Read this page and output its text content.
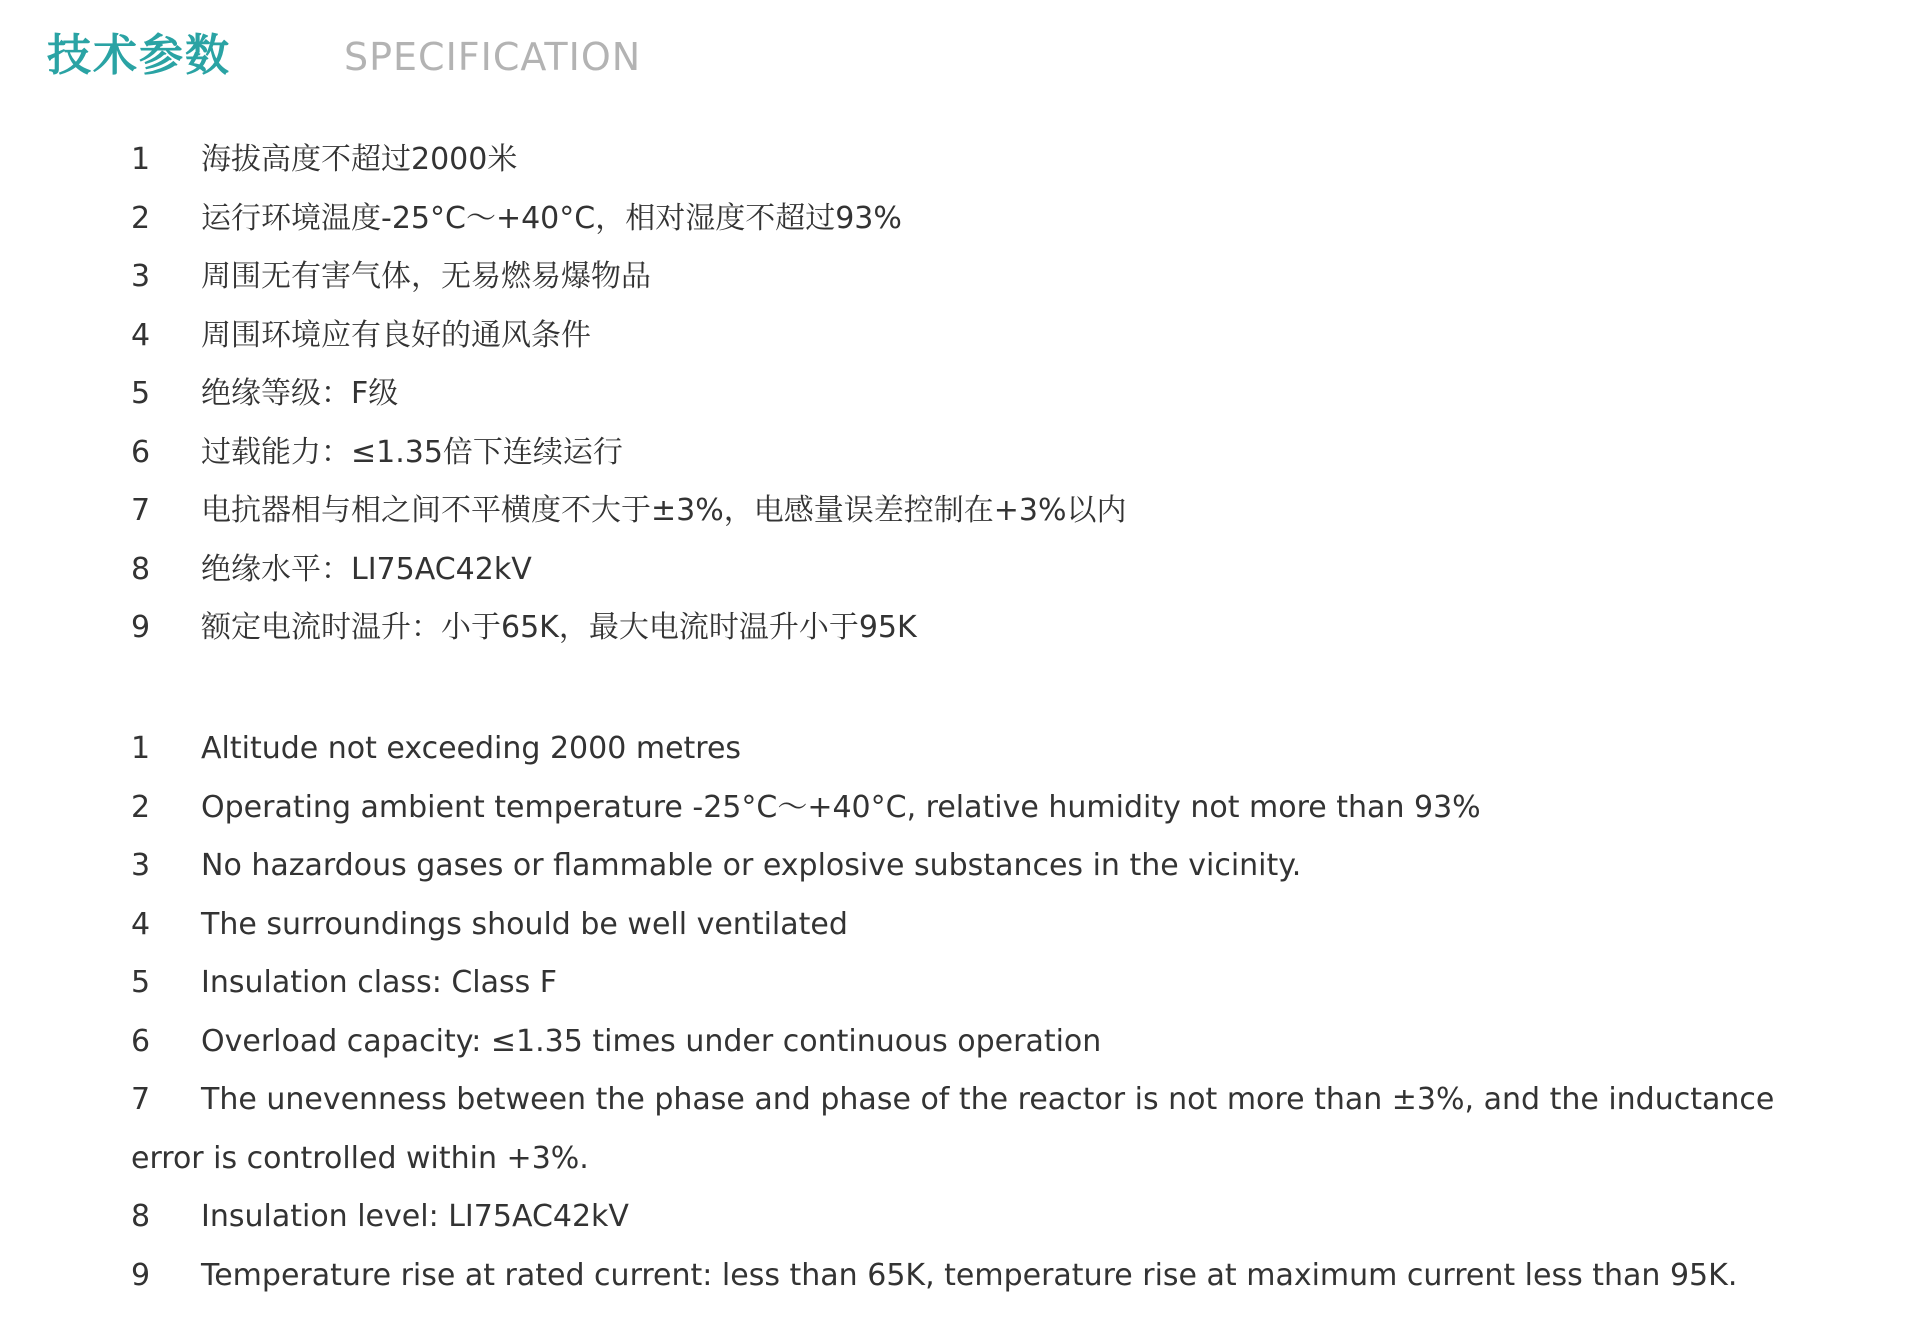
技术参数	SPECIFICATION
1 海拔高度不超过2000米
2 运行环境温度-25°C～+40°C，相对湿度不超过93%
3 周围无有害气体，无易燃易爆物品
4 周围环境应有良好的通风条件
5 绝缘等级：F级
6 过载能力：≤1.35倍下连续运行
7 电抗器相与相之间不平横度不大于±3%，电感量误差控制在+3%以内
8 绝缘水平：LI75AC42kV
9 额定电流时温升：小于65K，最大电流时温升小于95K
1 Altitude not exceeding 2000 metres
2 Operating ambient temperature -25°C～+40°C, relative humidity not more than 93%
3 No hazardous gases or flammable or explosive substances in the vicinity.
4 The surroundings should be well ventilated
5 Insulation class: Class F
6 Overload capacity: ≤1.35 times under continuous operation
7 The unevenness between the phase and phase of the reactor is not more than ±3%, and the inductance error is controlled within +3%.
8 Insulation level: LI75AC42kV
9 Temperature rise at rated current: less than 65K, temperature rise at maximum current less than 95K.
